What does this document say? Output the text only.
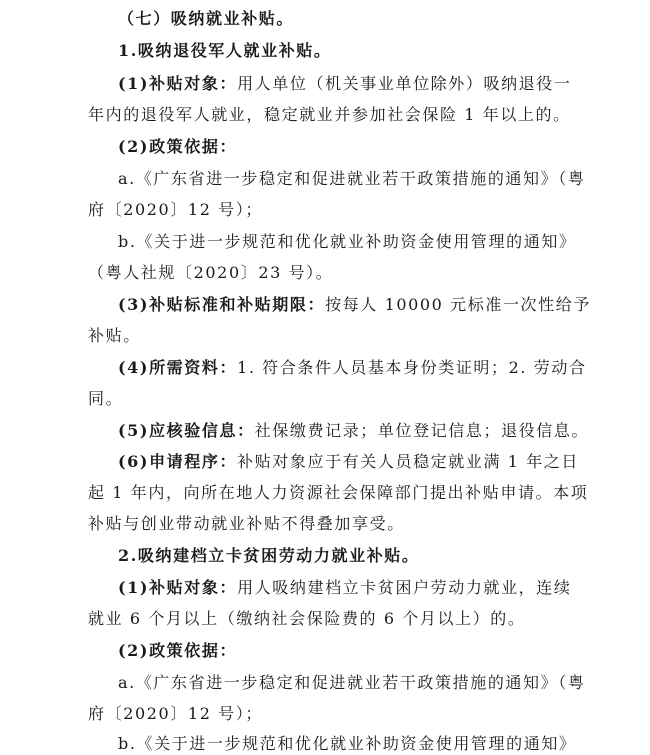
（七）吸纳就业补贴。
1.吸纳退役军人就业补贴。
(1)补贴对象：用人单位（机关事业单位除外）吸纳退役一
年内的退役军人就业，稳定就业并参加社会保险 1 年以上的。
(2)政策依据：
a.《广东省进一步稳定和促进就业若干政策措施的通知》（粤
府〔2020〕12 号）；
b.《关于进一步规范和优化就业补助资金使用管理的通知》
（粤人社规〔2020〕23 号）。
(3)补贴标准和补贴期限：按每人 10000 元标准一次性给予
补贴。
(4)所需资料：1. 符合条件人员基本身份类证明；2. 劳动合
同。
(5)应核验信息：社保缴费记录；单位登记信息；退役信息。
(6)申请程序：补贴对象应于有关人员稳定就业满 1 年之日
起 1 年内，向所在地人力资源社会保障部门提出补贴申请。本项
补贴与创业带动就业补贴不得叠加享受。
2.吸纳建档立卡贫困劳动力就业补贴。
(1)补贴对象：用人吸纳建档立卡贫困户劳动力就业，连续
就业 6 个月以上（缴纳社会保险费的 6 个月以上）的。
(2)政策依据：
a.《广东省进一步稳定和促进就业若干政策措施的通知》（粤
府〔2020〕12 号）；
b.《关于进一步规范和优化就业补助资金使用管理的通知》
